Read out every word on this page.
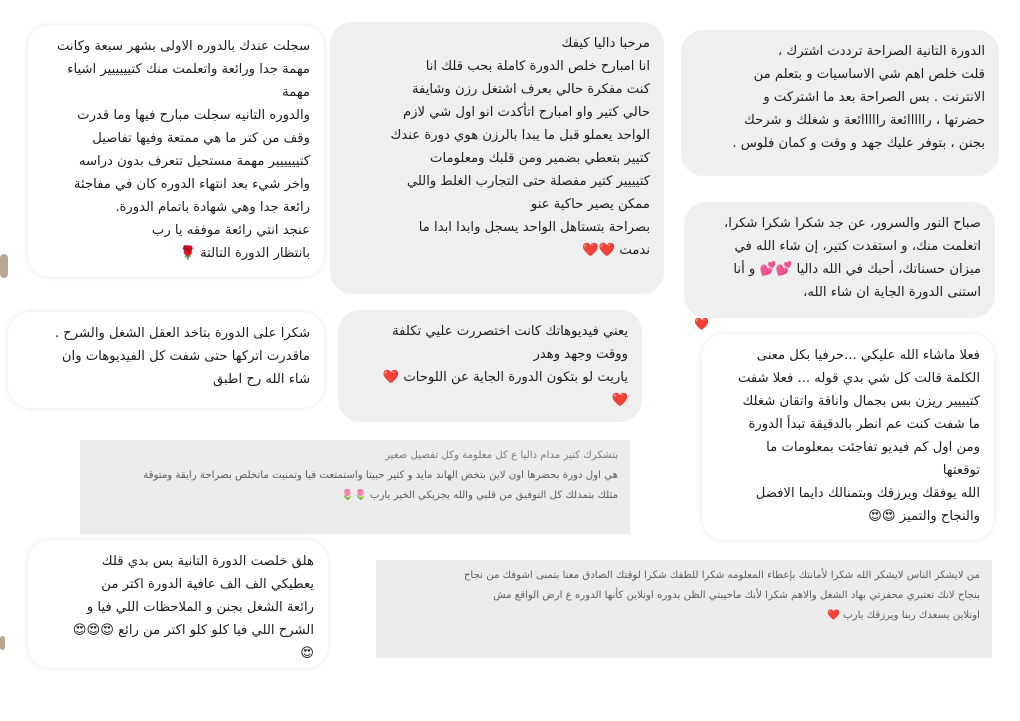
سجلت عندك بالدوره الاولى بشهر سبعة وكانت
مهمة جدا ورائعة واتعلمت منك كتيييييير اشياء
مهمة
والدوره التانيه سجلت مبارح فيها وما قدرت
وقف من كتر ما هي ممتعة وفيها تفاصيل
كتيييييير مهمة مستحيل تتعرف بدون دراسه
واخر شيء بعد انتهاء الدوره كان في مفاجئة
رائعة جدا وهي شهادة باتمام الدورة.
عنجد انتي رائعة موفقه يا رب
بانتظار الدورة التالتة 🌹
مرحبا داليا كيفك
انا امبارح خلص الدورة كاملة بحب قلك انا
كنت مفكرة حالي بعرف اشتغل رزن وشايفة
حالي كتير واو امبارح اتأكدت انو اول شي لازم
الواحد يعملو قبل ما يبدا بالرزن هوي دورة عندك
كتيير بتعطي بضمير ومن قلبك ومعلومات
كتيييير كتير مفصلة حتى التجارب الغلط واللي
ممكن يصير حاكية عنو
بصراحة بتستاهل الواحد يسجل وابدا ابدا ما
ندمت ❤️❤️
الدورة التانية الصراحة ترددت اشترك ،
قلت خلص اهم شي الاساسيات و بتعلم من
الانترنت . بس الصراحة بعد ما اشتركت و
حضرتها ، رااااائعة رااااائعة و شغلك و شرحك
بجنن ، بتوفر عليك جهد و وقت و كمان فلوس .
صباح النور والسرور، عن جد شكرا شكرا شكرا،
اتعلمت منك، و استفدت كتير، إن شاء الله في
ميزان حسناتك، أحبك في الله داليا 💕💕 و أنا
استنى الدورة الجاية ان شاء الله،
❤️
شكرا على الدورة بتاخد العقل الشغل والشرح .
ماقدرت اتركها حتى شفت كل الفيديوهات وان
شاء الله رح اطبق
يعني فيديوهاتك كانت اختصررت عليي تكلفة
ووقت وجهد وهدر
ياريت لو بتكون الدورة الجاية عن اللوحات ❤️
❤️
فعلا ماشاء الله عليكي ...حرفيا بكل معنى
الكلمة قالت كل شي بدي قوله ... فعلا شفت
كتيييير ريزن بس بجمال واناقة واتقان شغلك
ما شفت كنت عم انطر بالدقيقة تبدأ الدورة
ومن اول كم فيديو تفاجئت بمعلومات ما
توقعتها
الله يوفقك ويرزقك وبتمنالك دايما الافضل
والنجاح والتميز 😍😍
بتشكرك كتير مدام داليا ع كل معلومة وكل تفصيل صغير
هي اول دورة بحضرها اون لاين بتخص الهاند مايد و كتير حبيتا واستمتعت فيا وتمنيت ماتخلص بصراحة رايقة ومتوقة
مثلك بتمدلك كل التوفيق من قلبي والله يجزيكي الخير يارب 🌷🌷
هلق خلصت الدورة التانية بس بدي قلك
يعطيكي الف الف عافية الدورة اكتر من
رائعة الشغل بجنن و الملاحظات اللي فيا و
الشرح اللي فيا كلو كلو اكتر من رائع 😍😍😍
😍
من لايشكر الناس لايشكر الله شكرا لأمانتك بإعطاء المعلومه شكرا للطفك شكرا لوقتك الصادق معنا بتمنى اشوفك من نجاح
بنجاح لانك تعتبري محفزتي بهاد الشغل والاهم شكرا لأنك ماخيبتي الظن بدوره اونلاين كأنها الدوره ع ارض الواقع مش
اونلاين يسعدك ربنا ويرزقك يارب ❤️
